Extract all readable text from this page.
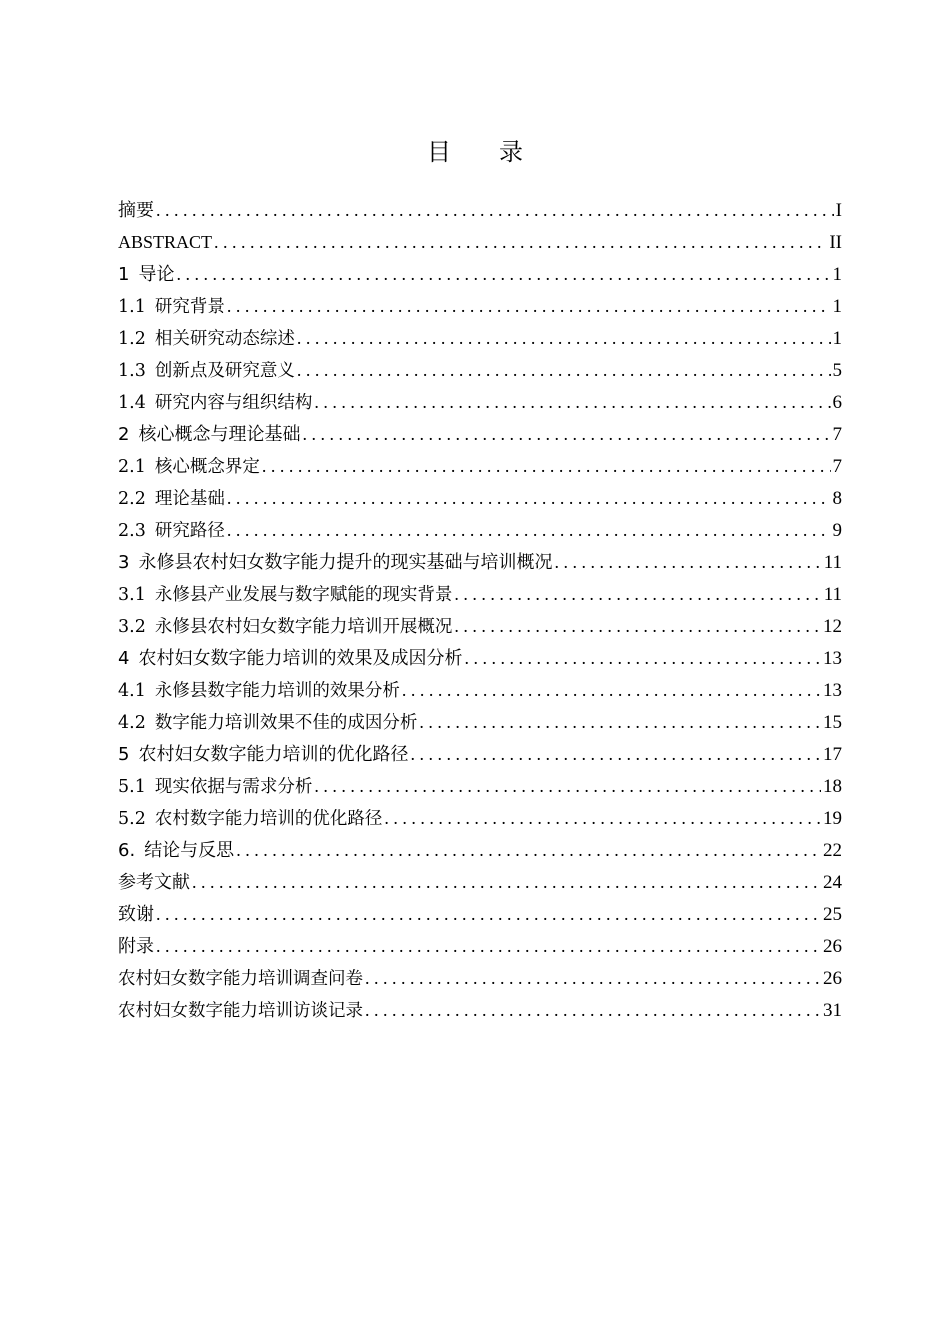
目录
摘要 . . .	I
ABSTRACT . . .	II
1 导论 . . .	1
1.1 研究背景 . . .	1
1.2 相关研究动态综述 . . .	1
1.3 创新点及研究意义 . . .	5
1.4 研究内容与组织结构 . . .	6
2 核心概念与理论基础 . . .	7
2.1 核心概念界定 . . .	7
2.2 理论基础 . . .	8
2.3 研究路径 . . .	9
3 永修县农村妇女数字能力提升的现实基础与培训概况 . . .	11
3.1 永修县产业发展与数字赋能的现实背景 . . .	11
3.2 永修县农村妇女数字能力培训开展概况 . . .	12
4 农村妇女数字能力培训的效果及成因分析 . . .	13
4.1 永修县数字能力培训的效果分析 . . .	13
4.2 数字能力培训效果不佳的成因分析 . . .	15
5 农村妇女数字能力培训的优化路径 . . .	17
5.1 现实依据与需求分析 . . .	18
5.2 农村数字能力培训的优化路径 . . .	19
6. 结论与反思 . . .	22
参考文献 . . .	24
致谢 . . .	25
附录 . . .	26
农村妇女数字能力培训调查问卷 . . .	26
农村妇女数字能力培训访谈记录 . . .	31
